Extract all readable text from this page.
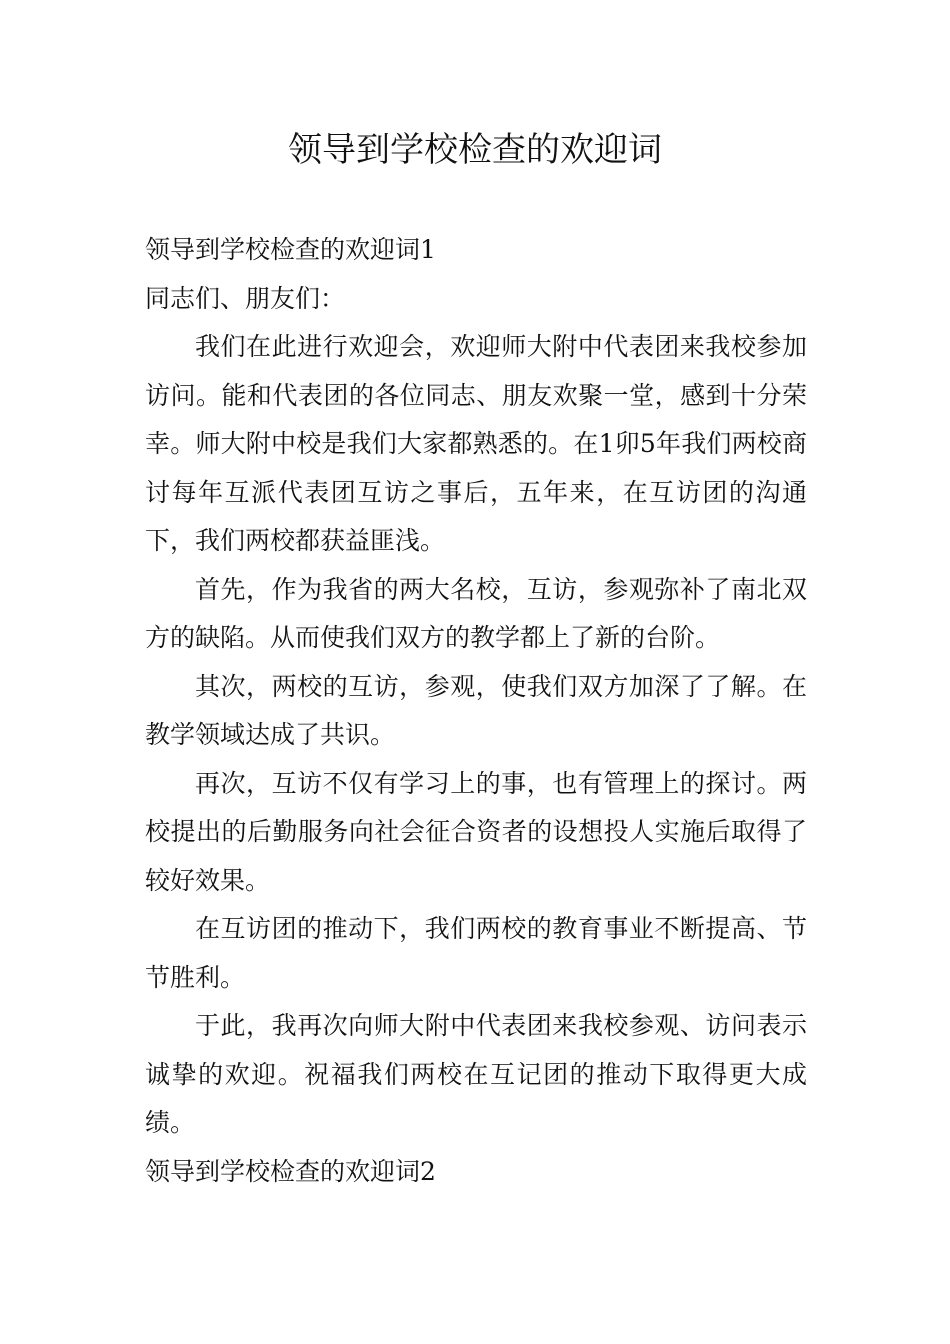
领导到学校检查的欢迎词

领导到学校检查的欢迎词1

同志们、朋友们：

我们在此进行欢迎会，欢迎师大附中代表团来我校参加访问。能和代表团的各位同志、朋友欢聚一堂，感到十分荣幸。师大附中校是我们大家都熟悉的。在1卯5年我们两校商讨每年互派代表团互访之事后，五年来，在互访团的沟通下，我们两校都获益匪浅。

首先，作为我省的两大名校，互访，参观弥补了南北双方的缺陷。从而使我们双方的教学都上了新的台阶。

其次，两校的互访，参观，使我们双方加深了了解。在教学领域达成了共识。

再次，互访不仅有学习上的事，也有管理上的探讨。两校提出的后勤服务向社会征合资者的设想投人实施后取得了较好效果。

在互访团的推动下，我们两校的教育事业不断提高、节节胜利。

于此，我再次向师大附中代表团来我校参观、访问表示诚挚的欢迎。祝福我们两校在互记团的推动下取得更大成绩。

领导到学校检查的欢迎词2
